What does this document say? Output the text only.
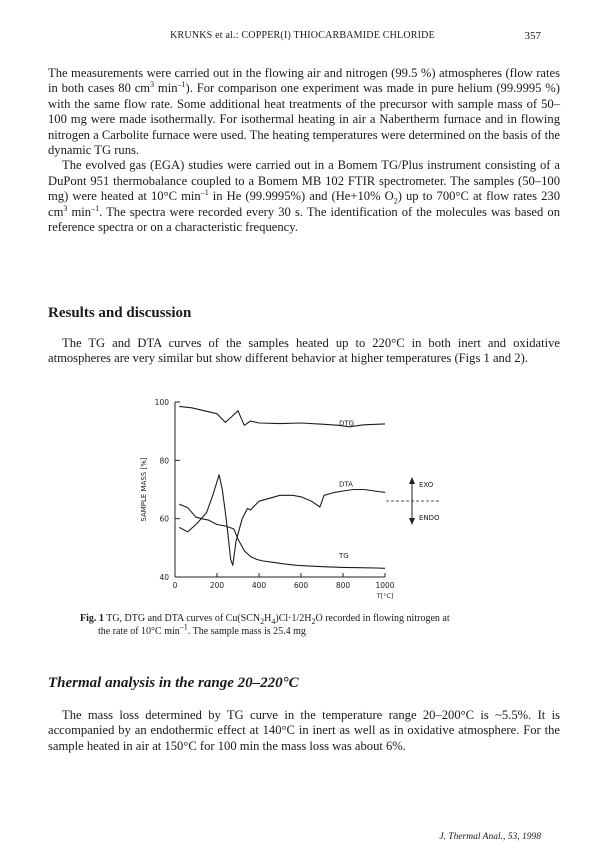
KRUNKS et al.: COPPER(I) THIOCARBAMIDE CHLORIDE	357

The measurements were carried out in the flowing air and nitrogen (99.5 %) atmospheres (flow rates in both cases 80 $cm^3$ $\min^{-1}$). For comparison one experiment was made in pure helium (99.9995 %) with the same flow rate. Some additional heat treatments of the precursor with sample mass of 50–100 mg were made isothermally. For isothermal heating in air a Nabertherm furnace and in flowing nitrogen a Carbolite furnace were used. The heating temperatures were determined on the basis of the dynamic TG runs.

The evolved gas (EGA) studies were carried out in a Bomem TG/Plus instrument consisting of a DuPont 951 thermobalance coupled to a Bomem MB 102 FTIR spectrometer. The samples (50–100 mg) were heated at 10°C $\min^{-1}$ in He (99.9995%) and (He+10% $O_2$) up to 700°C at flow rates 230 $cm^3$ $\min^{-1}$. The spectra were recorded every 30 s. The identification of the molecules was based on reference spectra or on a characteristic frequency.

Results and discussion

The TG and DTA curves of the samples heated up to 220°C in both inert and oxidative atmospheres are very similar but show different behavior at higher temperatures (Figs 1 and 2).

40
60
80
100
0	200	400	600	800	1000
T[°C]
SAMPLE MASS [%]
DTG
DTA
TG
EXO
ENDO

Fig. 1 TG, DTG and DTA curves of $Cu(SCN_2H_4)Cl\cdot 1/2H_2O$ recorded in flowing nitrogen at
the rate of 10°C $\min^{-1}$. The sample mass is 25.4 mg

Thermal analysis in the range 20–220°C

The mass loss determined by TG curve in the temperature range 20–200°C is ~5.5%. It is accompanied by an endothermic effect at 140°C in inert as well as in oxidative atmosphere. For the sample heated in air at 150°C for 100 min the mass loss was about 6%.

J. Thermal Anal., 53, 1998
